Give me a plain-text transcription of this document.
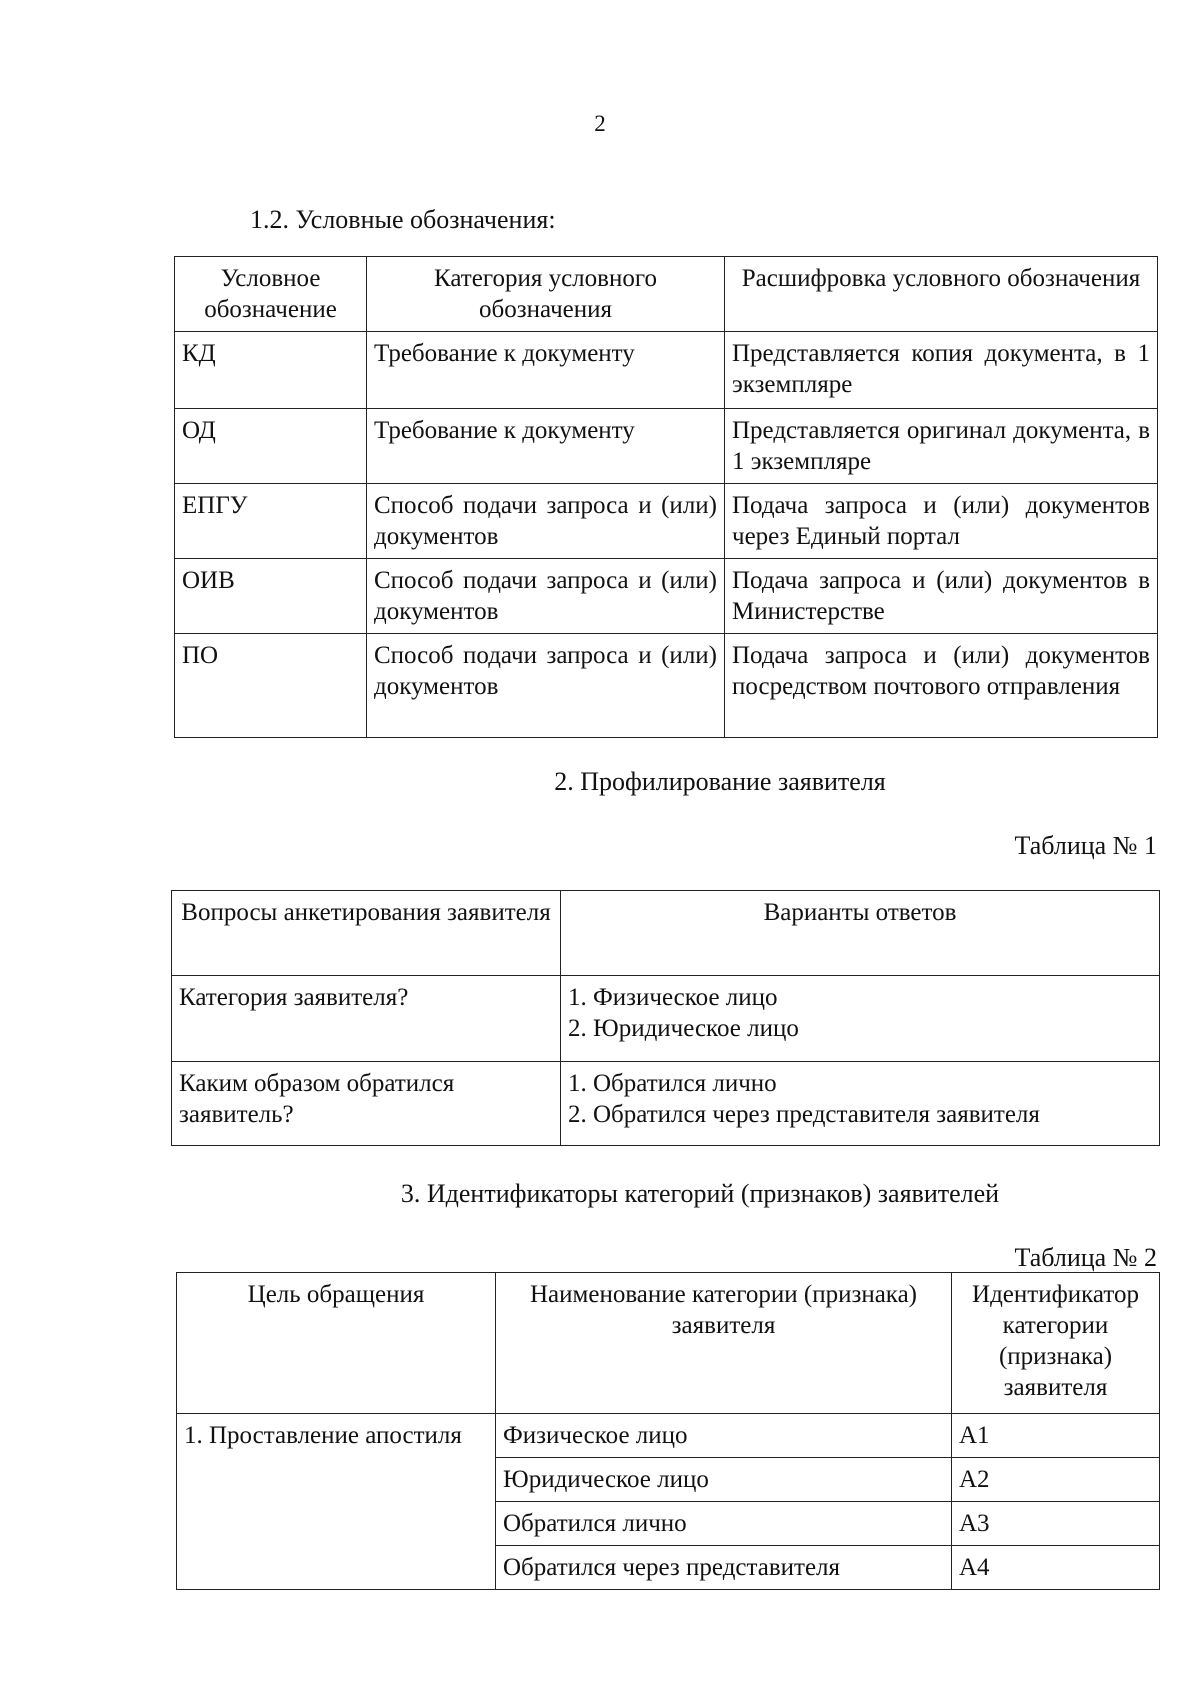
2
1.2. Условные обозначения:
Условное обозначение	Категория условного обозначения	Расшифровка условного обозначения
КД	Требование к документу	Представляется копия документа, в 1 экземпляре
ОД	Требование к документу	Представляется оригинал документа, в 1 экземпляре
ЕПГУ	Способ подачи запроса и (или) документов	Подача запроса и (или) документов через Единый портал
ОИВ	Способ подачи запроса и (или) документов	Подача запроса и (или) документов в Министерстве
ПО	Способ подачи запроса и (или) документов	Подача запроса и (или) документов посредством почтового отправления
2. Профилирование заявителя
Таблица № 1
Вопросы анкетирования заявителя	Варианты ответов
Категория заявителя?	1. Физическое лицо
2. Юридическое лицо
Каким образом обратился заявитель?	1. Обратился лично
2. Обратился через представителя заявителя
3. Идентификаторы категорий (признаков) заявителей
Таблица № 2
Цель обращения	Наименование категории (признака) заявителя	Идентификатор категории (признака) заявителя
1. Проставление апостиля	Физическое лицо	А1
	Юридическое лицо	А2
	Обратился лично	А3
	Обратился через представителя	А4
